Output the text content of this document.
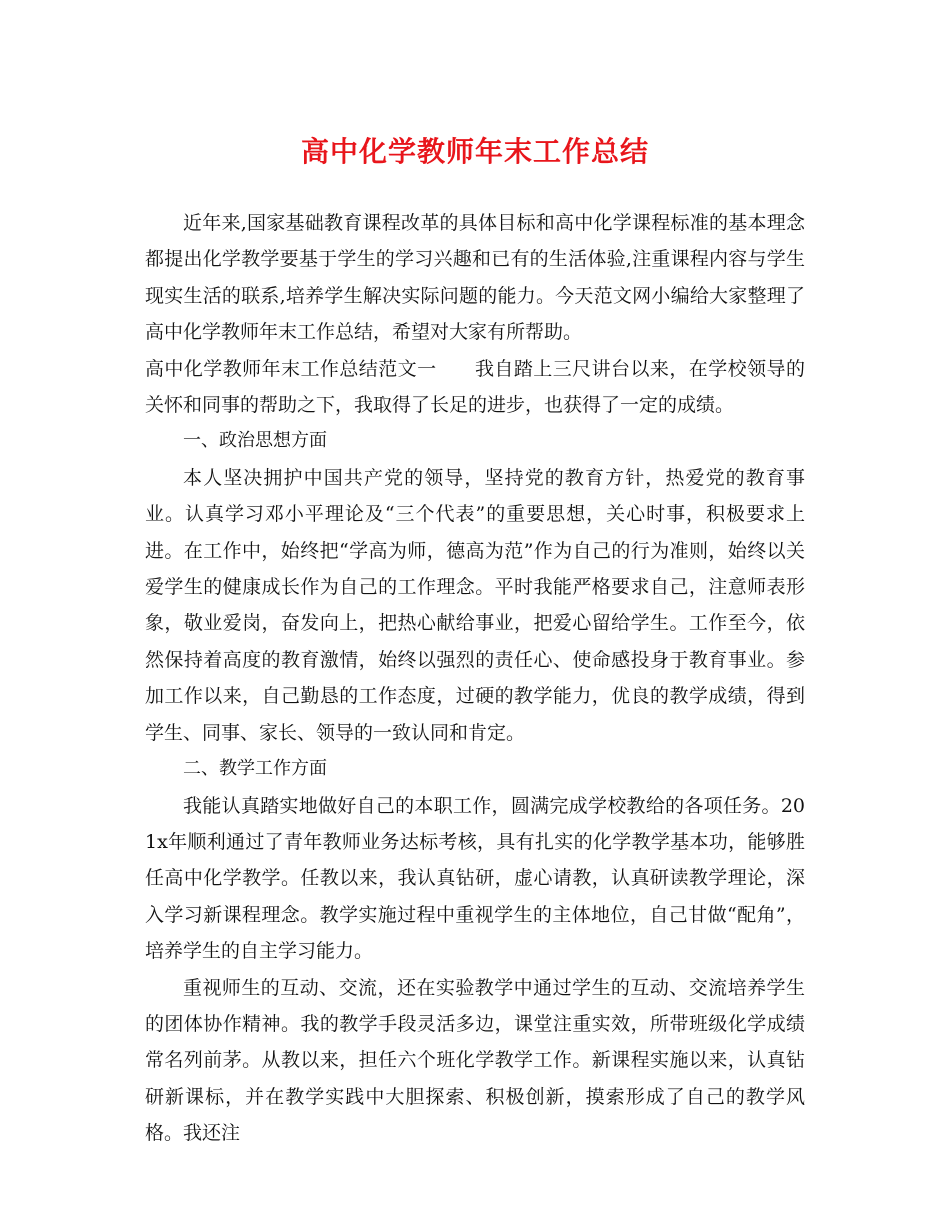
高中化学教师年末工作总结

近年来,国家基础教育课程改革的具体目标和高中化学课程标准的基本理念都提出化学教学要基于学生的学习兴趣和已有的生活体验,注重课程内容与学生现实生活的联系,培养学生解决实际问题的能力。今天范文网小编给大家整理了高中化学教师年末工作总结，希望对大家有所帮助。

高中化学教师年末工作总结范文一 我自踏上三尺讲台以来，在学校领导的关怀和同事的帮助之下，我取得了长足的进步，也获得了一定的成绩。

一、政治思想方面

本人坚决拥护中国共产党的领导，坚持党的教育方针，热爱党的教育事业。认真学习邓小平理论及“三个代表”的重要思想，关心时事，积极要求上进。在工作中，始终把“学高为师，德高为范”作为自己的行为准则，始终以关爱学生的健康成长作为自己的工作理念。平时我能严格要求自己，注意师表形象，敬业爱岗，奋发向上，把热心献给事业，把爱心留给学生。工作至今，依然保持着高度的教育激情，始终以强烈的责任心、使命感投身于教育事业。参加工作以来，自己勤恳的工作态度，过硬的教学能力，优良的教学成绩，得到学生、同事、家长、领导的一致认同和肯定。

二、教学工作方面

我能认真踏实地做好自己的本职工作，圆满完成学校教给的各项任务。201x年顺利通过了青年教师业务达标考核，具有扎实的化学教学基本功，能够胜任高中化学教学。任教以来，我认真钻研，虚心请教，认真研读教学理论，深入学习新课程理念。教学实施过程中重视学生的主体地位，自己甘做“配角”，培养学生的自主学习能力。

重视师生的互动、交流，还在实验教学中通过学生的互动、交流培养学生的团体协作精神。我的教学手段灵活多边，课堂注重实效，所带班级化学成绩常名列前茅。从教以来，担任六个班化学教学工作。新课程实施以来，认真钻研新课标，并在教学实践中大胆探索、积极创新，摸索形成了自己的教学风格。我还注
